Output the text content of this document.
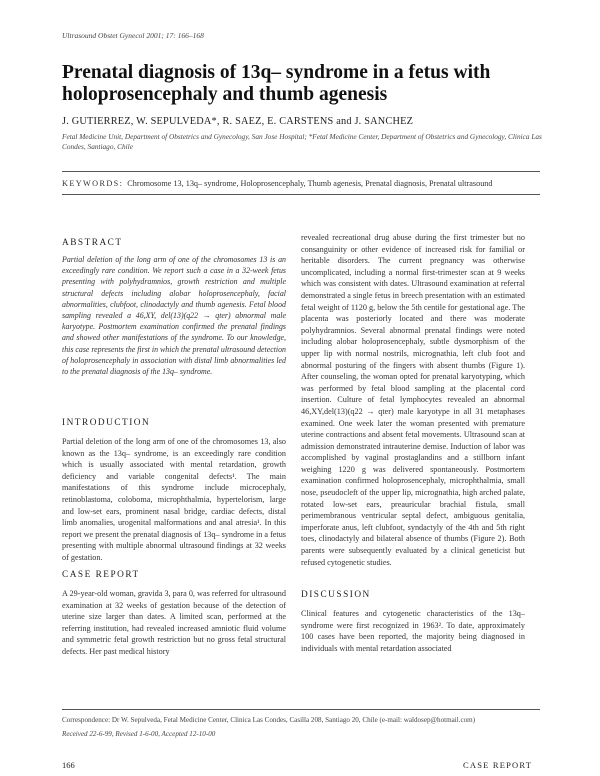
Ultrasound Obstet Gynecol 2001; 17: 166–168
Prenatal diagnosis of 13q– syndrome in a fetus with holoprosencephaly and thumb agenesis
J. GUTIERREZ, W. SEPULVEDA*, R. SAEZ, E. CARSTENS and J. SANCHEZ
Fetal Medicine Unit, Department of Obstetrics and Gynecology, San Jose Hospital; *Fetal Medicine Center, Department of Obstetrics and Gynecology, Clinica Las Condes, Santiago, Chile
KEYWORDS: Chromosome 13, 13q– syndrome, Holoprosencephaly, Thumb agenesis, Prenatal diagnosis, Prenatal ultrasound
ABSTRACT
Partial deletion of the long arm of one of the chromosomes 13 is an exceedingly rare condition. We report such a case in a 32-week fetus presenting with polyhydramnios, growth restriction and multiple structural defects including alobar holoprosencephaly, facial abnormalities, clubfoot, clinodactyly and thumb agenesis. Fetal blood sampling revealed a 46,XY, del(13)(q22 → qter) abnormal male karyotype. Postmortem examination confirmed the prenatal findings and showed other manifestations of the syndrome. To our knowledge, this case represents the first in which the prenatal ultrasound detection of holoprosencephaly in association with distal limb abnormalities led to the prenatal diagnosis of the 13q– syndrome.
INTRODUCTION
Partial deletion of the long arm of one of the chromosomes 13, also known as the 13q– syndrome, is an exceedingly rare condition which is usually associated with mental retardation, growth deficiency and variable congenital defects¹. The main manifestations of this syndrome include microcephaly, retinoblastoma, coloboma, microphthalmia, hypertelorism, large and low-set ears, prominent nasal bridge, cardiac defects, distal limb anomalies, urogenital malformations and anal atresia¹. In this report we present the prenatal diagnosis of 13q– syndrome in a fetus presenting with multiple abnormal ultrasound findings at 32 weeks of gestation.
CASE REPORT
A 29-year-old woman, gravida 3, para 0, was referred for ultrasound examination at 32 weeks of gestation because of the detection of uterine size larger than dates. A limited scan, performed at the referring institution, had revealed increased amniotic fluid volume and symmetric fetal growth restriction but no gross fetal structural defects. Her past medical history
revealed recreational drug abuse during the first trimester but no consanguinity or other evidence of increased risk for familial or heritable disorders. The current pregnancy was otherwise uncomplicated, including a normal first-trimester scan at 9 weeks which was consistent with dates. Ultrasound examination at referral demonstrated a single fetus in breech presentation with an estimated fetal weight of 1120 g, below the 5th centile for gestational age. The placenta was posteriorly located and there was moderate polyhydramnios. Several abnormal prenatal findings were noted including alobar holoprosencephaly, subtle dysmorphism of the upper lip with normal nostrils, micrognathia, left club foot and abnormal posturing of the fingers with absent thumbs (Figure 1). After counseling, the woman opted for prenatal karyotyping, which was performed by fetal blood sampling at the placental cord insertion. Culture of fetal lymphocytes revealed an abnormal 46,XY,del(13)(q22 → qter) male karyotype in all 31 metaphases examined. One week later the woman presented with premature uterine contractions and absent fetal movements. Ultrasound scan at admission demonstrated intrauterine demise. Induction of labor was accomplished by vaginal prostaglandins and a stillborn infant weighing 1220 g was delivered spontaneously. Postmortem examination confirmed holoprosencephaly, microphthalmia, small nose, pseudocleft of the upper lip, micrognathia, high arched palate, rotated low-set ears, preauricular brachial fistula, small perimembranous ventricular septal defect, ambiguous genitalia, imperforate anus, left clubfoot, syndactyly of the 4th and 5th right toes, clinodactyly and bilateral absence of thumbs (Figure 2). Both parents were subsequently evaluated by a clinical geneticist but refused cytogenetic studies.
DISCUSSION
Clinical features and cytogenetic characteristics of the 13q– syndrome were first recognized in 1963². To date, approximately 100 cases have been reported, the majority being diagnosed in individuals with mental retardation associated
Correspondence: Dr W. Sepulveda, Fetal Medicine Center, Clinica Las Condes, Casilla 208, Santiago 20, Chile (e-mail: waldosep@hotmail.com)
Received 22-6-99, Revised 1-6-00, Accepted 12-10-00
166	CASE REPORT
